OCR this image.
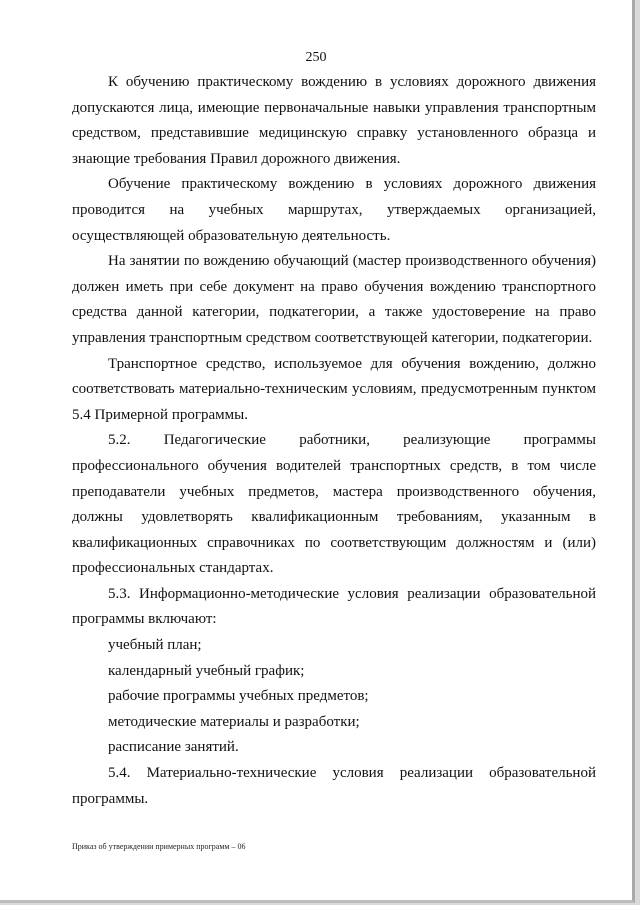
250

К обучению практическому вождению в условиях дорожного движения допускаются лица, имеющие первоначальные навыки управления транспортным средством, представившие медицинскую справку установленного образца и знающие требования Правил дорожного движения.

Обучение практическому вождению в условиях дорожного движения проводится на учебных маршрутах, утверждаемых организацией, осуществляющей образовательную деятельность.

На занятии по вождению обучающий (мастер производственного обучения) должен иметь при себе документ на право обучения вождению транспортного средства данной категории, подкатегории, а также удостоверение на право управления транспортным средством соответствующей категории, подкатегории.

Транспортное средство, используемое для обучения вождению, должно соответствовать материально-техническим условиям, предусмотренным пунктом 5.4 Примерной программы.

5.2. Педагогические работники, реализующие программы профессионального обучения водителей транспортных средств, в том числе преподаватели учебных предметов, мастера производственного обучения, должны удовлетворять квалификационным требованиям, указанным в квалификационных справочниках по соответствующим должностям и (или) профессиональных стандартах.

5.3. Информационно-методические условия реализации образовательной программы включают:

учебный план;

календарный учебный график;

рабочие программы учебных предметов;

методические материалы и разработки;

расписание занятий.

5.4. Материально-технические условия реализации образовательной программы.

Приказ об утверждении примерных программ – 06
